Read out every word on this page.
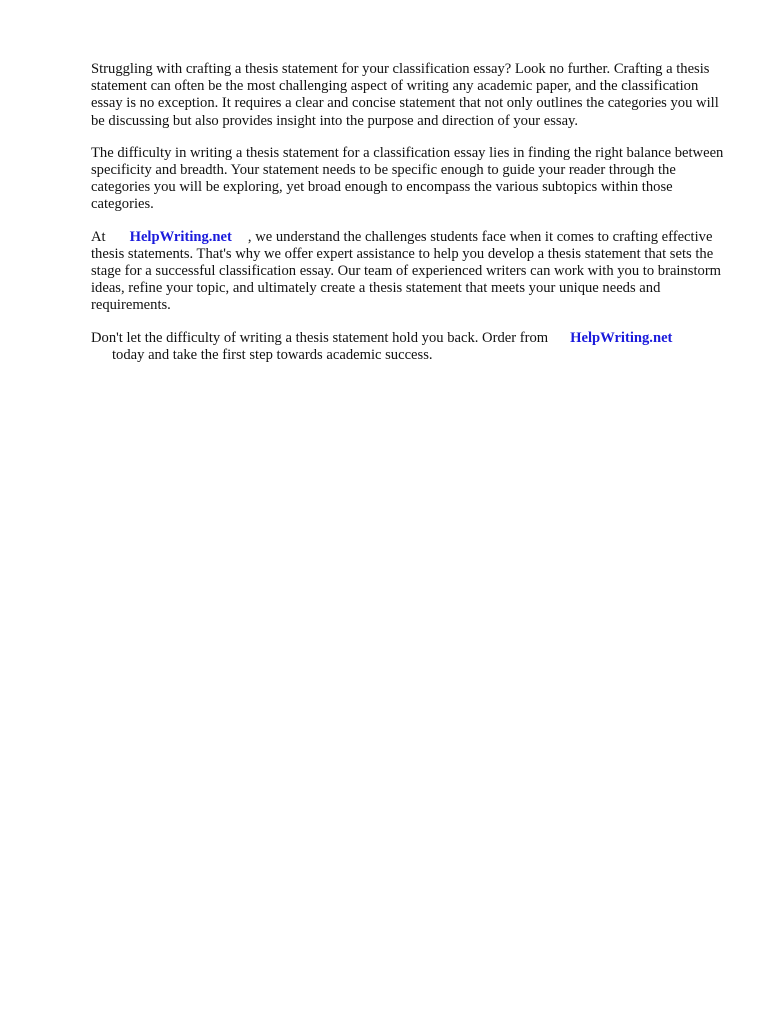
Struggling with crafting a thesis statement for your classification essay? Look no further. Crafting a thesis statement can often be the most challenging aspect of writing any academic paper, and the classification essay is no exception. It requires a clear and concise statement that not only outlines the categories you will be discussing but also provides insight into the purpose and direction of your essay.

The difficulty in writing a thesis statement for a classification essay lies in finding the right balance between specificity and breadth. Your statement needs to be specific enough to guide your reader through the categories you will be exploring, yet broad enough to encompass the various subtopics within those categories.

At HelpWriting.net , we understand the challenges students face when it comes to crafting effective thesis statements. That's why we offer expert assistance to help you develop a thesis statement that sets the stage for a successful classification essay. Our team of experienced writers can work with you to brainstorm ideas, refine your topic, and ultimately create a thesis statement that meets your unique needs and requirements.

Don't let the difficulty of writing a thesis statement hold you back. Order from HelpWriting.net
today and take the first step towards academic success.
